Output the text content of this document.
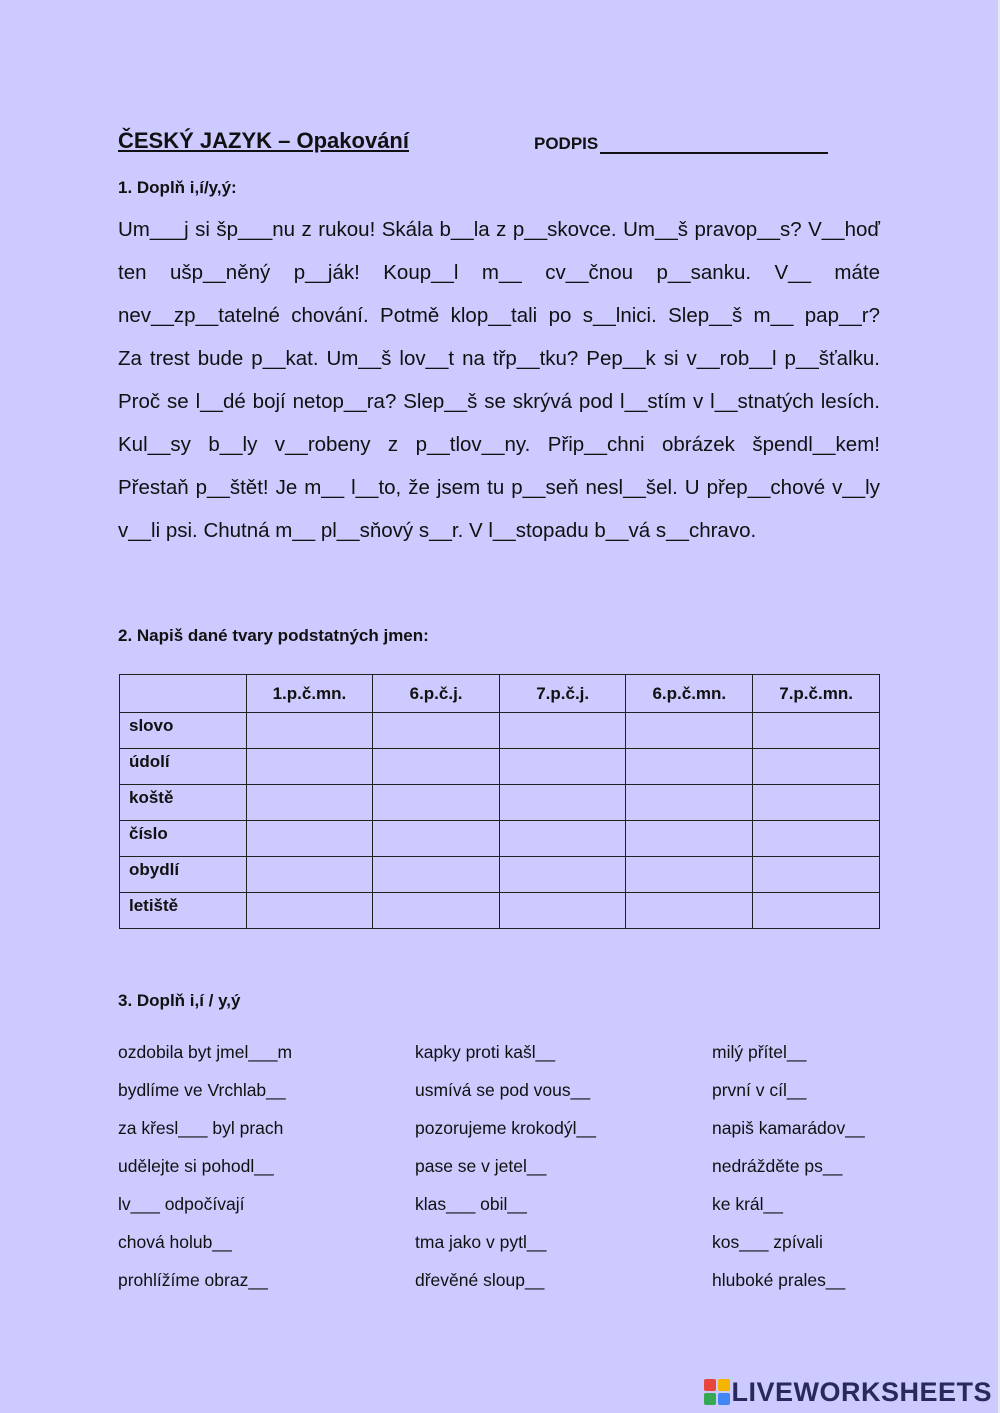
ČESKÝ JAZYK – Opakování	PODPIS
1. Doplň i,í/y,ý:
Um___j si šp___nu z rukou! Skála b__la z p__skovce. Um__š pravop__s? V__hoď
ten ušp__něný p__ják! Koup__l m__ cv__čnou p__sanku. V__ máte
nev__zp__tatelné chování. Potmě klop__tali po s__lnici. Slep__š m__ pap__r?
Za trest bude p__kat. Um__š lov__t na třp__tku? Pep__k si v__rob__l p__šťalku.
Proč se l__dé bojí netop__ra? Slep__š se skrývá pod l__stím v l__stnatých lesích.
Kul__sy b__ly v__robeny z p__tlov__ny. Přip__chni obrázek špendl__kem!
Přestaň p__štět! Je m__ l__to, že jsem tu p__seň nesl__šel. U přep__chové v__ly
v__li psi. Chutná m__ pl__sňový s__r. V l__stopadu b__vá s__chravo.
2. Napiš dané tvary podstatných jmen:
	1.p.č.mn.	6.p.č.j.	7.p.č.j.	6.p.č.mn.	7.p.č.mn.
slovo					
údolí					
koště					
číslo					
obydlí					
letiště					
3. Doplň i,í / y,ý
ozdobila byt jmel___m
bydlíme ve Vrchlab__
za křesl___ byl prach
udělejte si pohodl__
lv___ odpočívají
chová holub__
prohlížíme obraz__
kapky proti kašl__
usmívá se pod vous__
pozorujeme krokodýl__
pase se v jetel__
klas___ obil__
tma jako v pytl__
dřevěné sloup__
milý přítel__
první v cíl__
napiš kamarádov__
nedrážděte ps__
ke král__
kos___ zpívali
hluboké prales__
LIVEWORKSHEETS
